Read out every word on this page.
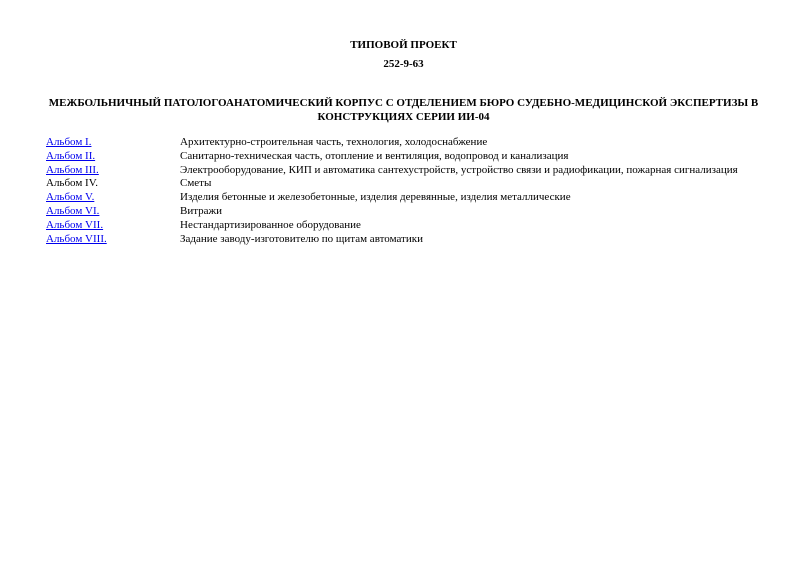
ТИПОВОЙ ПРОЕКТ
252-9-63
МЕЖБОЛЬНИЧНЫЙ ПАТОЛОГОАНАТОМИЧЕСКИЙ КОРПУС С ОТДЕЛЕНИЕМ БЮРО СУДЕБНО-МЕДИЦИНСКОЙ ЭКСПЕРТИЗЫ В КОНСТРУКЦИЯХ СЕРИИ ИИ-04
Альбом I.	Архитектурно-строительная часть, технология, холодоснабжение
Альбом II.	Санитарно-техническая часть, отопление и вентиляция, водопровод и канализация
Альбом III.	Электрооборудование, КИП и автоматика сантехустройств, устройство связи и радиофикации, пожарная сигнализация
Альбом IV.	Сметы
Альбом V.	Изделия бетонные и железобетонные, изделия деревянные, изделия металлические
Альбом VI.	Витражи
Альбом VII.	Нестандартизированное оборудование
Альбом VIII.	Задание заводу-изготовителю по щитам автоматики
